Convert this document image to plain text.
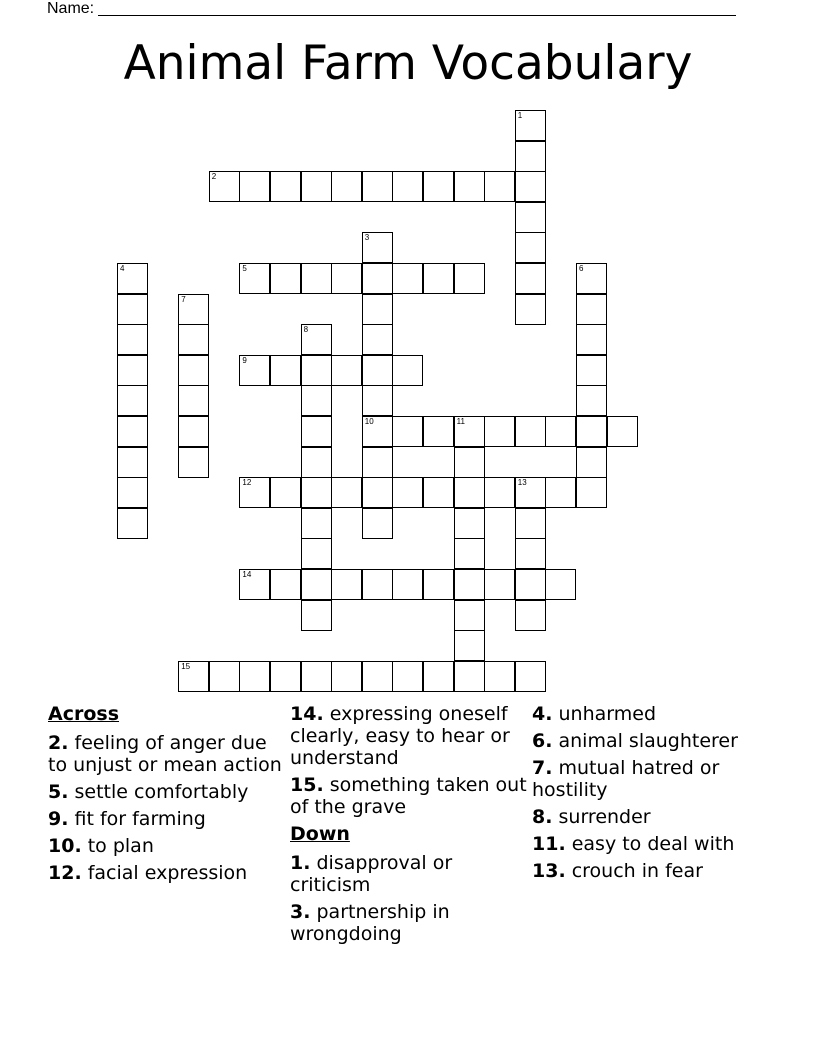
Name:
Animal Farm Vocabulary
2
5
9
10	11
12	13
14
15
1
3
4	6
7
8
Across
2. feeling of anger due to unjust or mean action
5. settle comfortably
9. fit for farming
10. to plan
12. facial expression
14. expressing oneself clearly, easy to hear or understand
15. something taken out of the grave
Down
1. disapproval or criticism
3. partnership in wrongdoing
4. unharmed
6. animal slaughterer
7. mutual hatred or hostility
8. surrender
11. easy to deal with
13. crouch in fear
